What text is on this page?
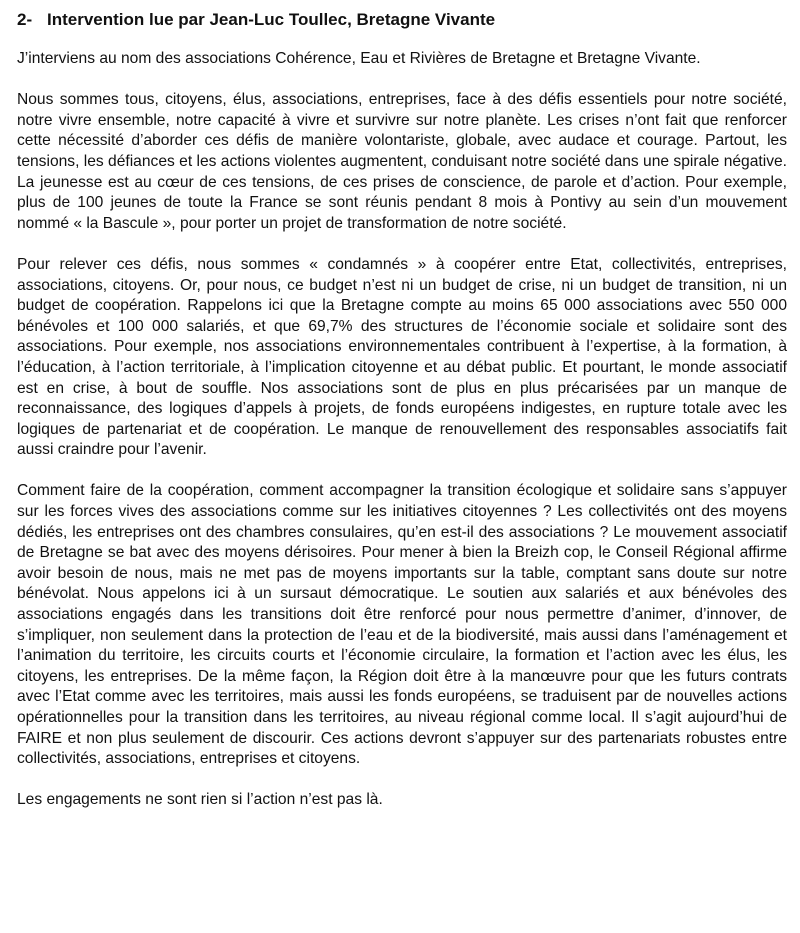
2- Intervention lue par Jean-Luc Toullec, Bretagne Vivante

J’interviens au nom des associations Cohérence, Eau et Rivières de Bretagne et Bretagne Vivante.

Nous sommes tous, citoyens, élus, associations, entreprises, face à des défis essentiels pour notre société, notre vivre ensemble, notre capacité à vivre et survivre sur notre planète. Les crises n’ont fait que renforcer cette nécessité d’aborder ces défis de manière volontariste, globale, avec audace et courage. Partout, les tensions, les défiances et les actions violentes augmentent, conduisant notre société dans une spirale négative. La jeunesse est au cœur de ces tensions, de ces prises de conscience, de parole et d’action. Pour exemple, plus de 100 jeunes de toute la France se sont réunis pendant 8 mois à Pontivy au sein d’un mouvement nommé « la Bascule », pour porter un projet de transformation de notre société.

Pour relever ces défis, nous sommes « condamnés » à coopérer entre Etat, collectivités, entreprises, associations, citoyens. Or, pour nous, ce budget n’est ni un budget de crise, ni un budget de transition, ni un budget de coopération. Rappelons ici que la Bretagne compte au moins 65 000 associations avec 550 000 bénévoles et 100 000 salariés, et que 69,7% des structures de l’économie sociale et solidaire sont des associations. Pour exemple, nos associations environnementales contribuent à l’expertise, à la formation, à l’éducation, à l’action territoriale, à l’implication citoyenne et au débat public. Et pourtant, le monde associatif est en crise, à bout de souffle. Nos associations sont de plus en plus précarisées par un manque de reconnaissance, des logiques d’appels à projets, de fonds européens indigestes, en rupture totale avec les logiques de partenariat et de coopération. Le manque de renouvellement des responsables associatifs fait aussi craindre pour l’avenir.

Comment faire de la coopération, comment accompagner la transition écologique et solidaire sans s’appuyer sur les forces vives des associations comme sur les initiatives citoyennes ? Les collectivités ont des moyens dédiés, les entreprises ont des chambres consulaires, qu’en est-il des associations ? Le mouvement associatif de Bretagne se bat avec des moyens dérisoires. Pour mener à bien la Breizh cop, le Conseil Régional affirme avoir besoin de nous, mais ne met pas de moyens importants sur la table, comptant sans doute sur notre bénévolat. Nous appelons ici à un sursaut démocratique. Le soutien aux salariés et aux bénévoles des associations engagés dans les transitions doit être renforcé pour nous permettre d’animer, d’innover, de s’impliquer, non seulement dans la protection de l’eau et de la biodiversité, mais aussi dans l’aménagement et l’animation du territoire, les circuits courts et l’économie circulaire, la formation et l’action avec les élus, les citoyens, les entreprises. De la même façon, la Région doit être à la manœuvre pour que les futurs contrats avec l’Etat comme avec les territoires, mais aussi les fonds européens, se traduisent par de nouvelles actions opérationnelles pour la transition dans les territoires, au niveau régional comme local. Il s’agit aujourd’hui de FAIRE et non plus seulement de discourir. Ces actions devront s’appuyer sur des partenariats robustes entre collectivités, associations, entreprises et citoyens.

Les engagements ne sont rien si l’action n’est pas là.
